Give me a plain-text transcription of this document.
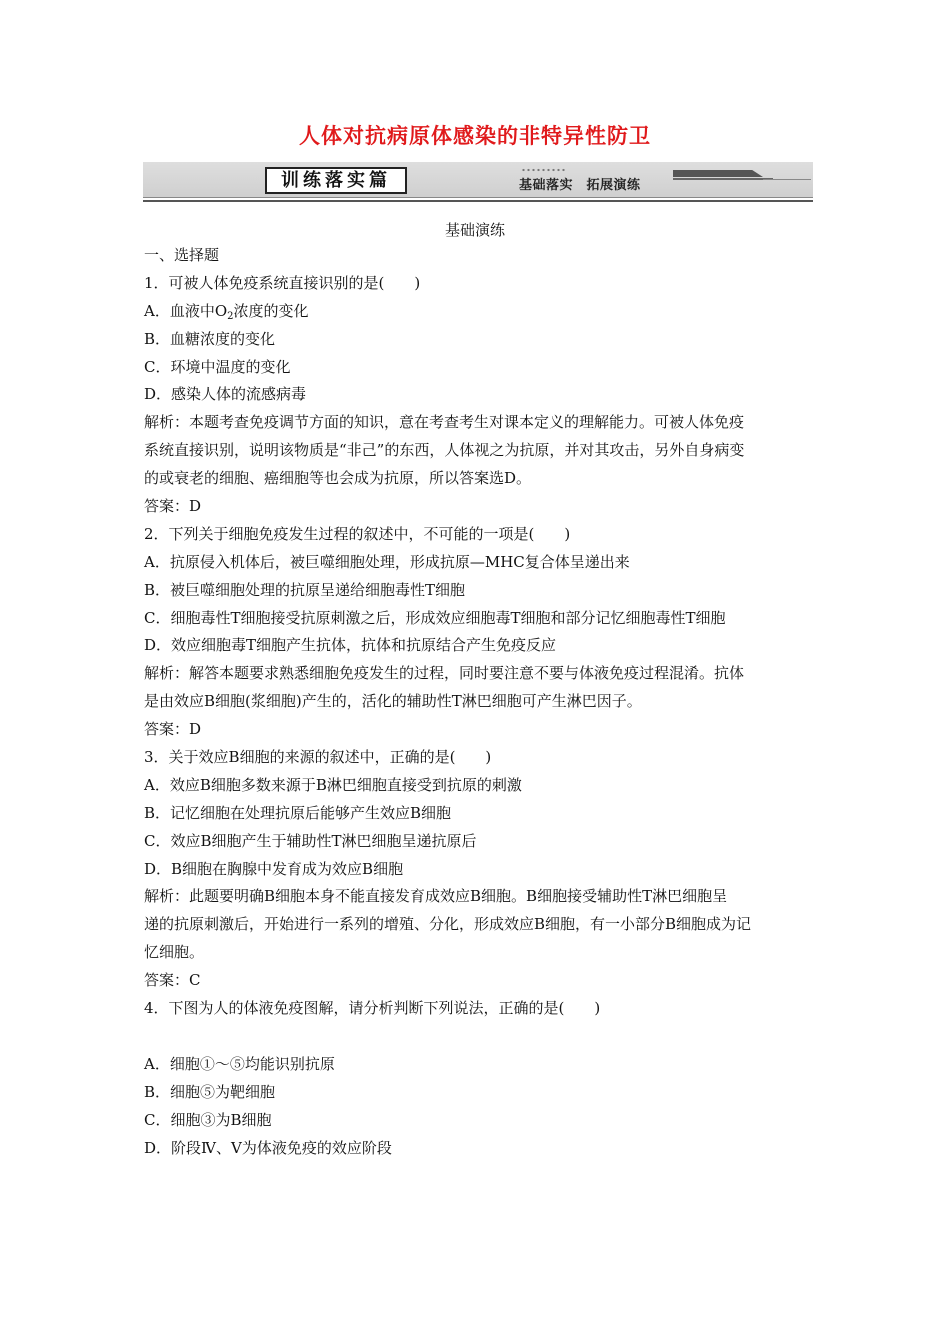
人体对抗病原体感染的非特异性防卫
训练落实篇	基础落实　拓展演练
基础演练
一、选择题
1．可被人体免疫系统直接识别的是( )
A．血液中$O_2$浓度的变化
B．血糖浓度的变化
C．环境中温度的变化
D．感染人体的流感病毒
解析：本题考查免疫调节方面的知识，意在考查考生对课本定义的理解能力。可被人体免疫
系统直接识别，说明该物质是“非己”的东西，人体视之为抗原，并对其攻击，另外自身病变
的或衰老的细胞、癌细胞等也会成为抗原，所以答案选D。
答案：D
2．下列关于细胞免疫发生过程的叙述中，不可能的一项是( )
A．抗原侵入机体后，被巨噬细胞处理，形成抗原—MHC复合体呈递出来
B．被巨噬细胞处理的抗原呈递给细胞毒性T细胞
C．细胞毒性T细胞接受抗原刺激之后，形成效应细胞毒T细胞和部分记忆细胞毒性T细胞
D．效应细胞毒T细胞产生抗体，抗体和抗原结合产生免疫反应
解析：解答本题要求熟悉细胞免疫发生的过程，同时要注意不要与体液免疫过程混淆。抗体
是由效应B细胞(浆细胞)产生的，活化的辅助性T淋巴细胞可产生淋巴因子。
答案：D
3．关于效应B细胞的来源的叙述中，正确的是( )
A．效应B细胞多数来源于B淋巴细胞直接受到抗原的刺激
B．记忆细胞在处理抗原后能够产生效应B细胞
C．效应B细胞产生于辅助性T淋巴细胞呈递抗原后
D．B细胞在胸腺中发育成为效应B细胞
解析：此题要明确B细胞本身不能直接发育成效应B细胞。B细胞接受辅助性T淋巴细胞呈
递的抗原刺激后，开始进行一系列的增殖、分化，形成效应B细胞，有一小部分B细胞成为记
忆细胞。
答案：C
4．下图为人的体液免疫图解，请分析判断下列说法，正确的是( )
A．细胞①～⑤均能识别抗原
B．细胞⑤为靶细胞
C．细胞③为B细胞
D．阶段Ⅳ、Ⅴ为体液免疫的效应阶段
